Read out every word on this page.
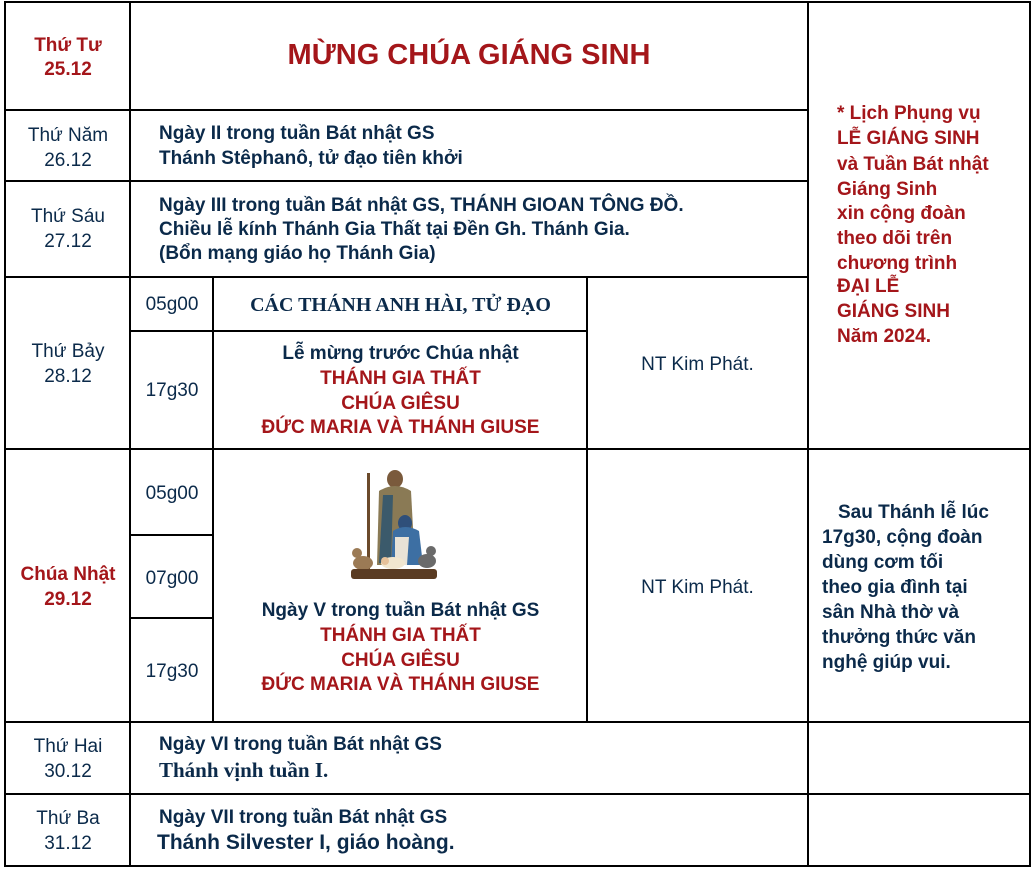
Thứ Tư
25.12	MỪNG CHÚA GIÁNG SINH
Thứ Năm
26.12
Ngày II trong tuần Bát nhật GS
Thánh Stêphanô, tử đạo tiên khởi
Thứ Sáu
27.12
Ngày III trong tuần Bát nhật GS, THÁNH GIOAN TÔNG ĐỒ.
Chiều lễ kính Thánh Gia Thất tại Đền Gh. Thánh Gia.
(Bổn mạng giáo họ Thánh Gia)
Thứ Bảy
28.12
05g00	CÁC THÁNH ANH HÀI, TỬ ĐẠO
17g30
Lễ mừng trước Chúa nhật
THÁNH GIA THẤT
CHÚA GIÊSU
ĐỨC MARIA VÀ THÁNH GIUSE
NT Kim Phát.
* Lịch Phụng vụ
LỄ GIÁNG SINH
và Tuần Bát nhật
Giáng Sinh
xin cộng đoàn
theo dõi trên
chương trình
ĐẠI LỄ
GIÁNG SINH
Năm 2024.
Chúa Nhật
29.12
05g00
07g00
17g30
Ngày V trong tuần Bát nhật GS
THÁNH GIA THẤT
CHÚA GIÊSU
ĐỨC MARIA VÀ THÁNH GIUSE
NT Kim Phát.
Sau Thánh lễ lúc
17g30, cộng đoàn
dùng cơm tối
theo gia đình tại
sân Nhà thờ và
thưởng thức văn
nghệ giúp vui.
Thứ Hai
30.12
Ngày VI trong tuần Bát nhật GS
Thánh vịnh tuần I.
Thứ Ba
31.12
Ngày VII trong tuần Bát nhật GS
Thánh Silvester I, giáo hoàng.
